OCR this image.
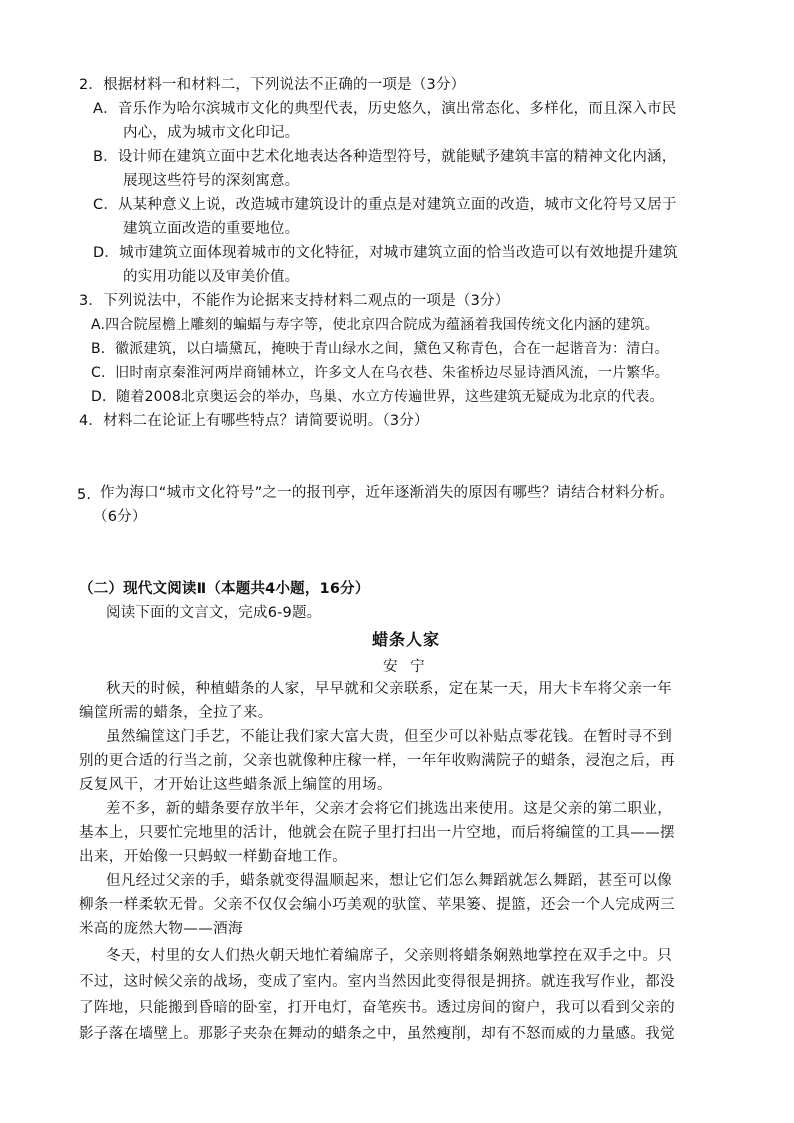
2．根据材料一和材料二，下列说法不正确的一项是（3分）
A．音乐作为哈尔滨城市文化的典型代表，历史悠久，演出常态化、多样化，而且深入市民
内心，成为城市文化印记。
B．设计师在建筑立面中艺术化地表达各种造型符号，就能赋予建筑丰富的精神文化内涵，
展现这些符号的深刻寓意。
C．从某种意义上说，改造城市建筑设计的重点是对建筑立面的改造，城市文化符号又居于
建筑立面改造的重要地位。
D．城市建筑立面体现着城市的文化特征，对城市建筑立面的恰当改造可以有效地提升建筑
的实用功能以及审美价值。
3．下列说法中，不能作为论据来支持材料二观点的一项是（3分）
A.四合院屋檐上雕刻的蝙蝠与寿字等，使北京四合院成为蕴涵着我国传统文化内涵的建筑。
B．徽派建筑，以白墙黛瓦，掩映于青山绿水之间，黛色又称青色，合在一起谐音为：清白。
C．旧时南京秦淮河两岸商铺林立，许多文人在乌衣巷、朱雀桥边尽显诗酒风流，一片繁华。
D．随着2008北京奥运会的举办，鸟巢、水立方传遍世界，这些建筑无疑成为北京的代表。
4．材料二在论证上有哪些特点？请简要说明。（3分）
5. 作为海口“城市文化符号”之一的报刊亭，近年逐渐消失的原因有哪些？请结合材料分析。
（6分）
（二）现代文阅读Ⅱ（本题共4小题，16分）
阅读下面的文言文，完成6-9题。
蜡条人家
安 宁
秋天的时候，种植蜡条的人家，早早就和父亲联系，定在某一天，用大卡车将父亲一年
编筐所需的蜡条，全拉了来。
虽然编筐这门手艺，不能让我们家大富大贵，但至少可以补贴点零花钱。在暂时寻不到
别的更合适的行当之前，父亲也就像种庄稼一样，一年年收购满院子的蜡条，浸泡之后，再
反复风干，才开始让这些蜡条派上编筐的用场。
差不多，新的蜡条要存放半年，父亲才会将它们挑选出来使用。这是父亲的第二职业，
基本上，只要忙完地里的活计，他就会在院子里打扫出一片空地，而后将编筐的工具——摆
出来，开始像一只蚂蚁一样勤奋地工作。
但凡经过父亲的手，蜡条就变得温顺起来，想让它们怎么舞蹈就怎么舞蹈，甚至可以像
柳条一样柔软无骨。父亲不仅仅会编小巧美观的驮筐、苹果篓、提篮，还会一个人完成两三
米高的庞然大物——酒海
冬天，村里的女人们热火朝天地忙着编席子，父亲则将蜡条娴熟地掌控在双手之中。只
不过，这时候父亲的战场，变成了室内。室内当然因此变得很是拥挤。就连我写作业，都没
了阵地，只能搬到昏暗的卧室，打开电灯，奋笔疾书。透过房间的窗户，我可以看到父亲的
影子落在墙壁上。那影子夹杂在舞动的蜡条之中，虽然瘦削，却有不怒而威的力量感。我觉
